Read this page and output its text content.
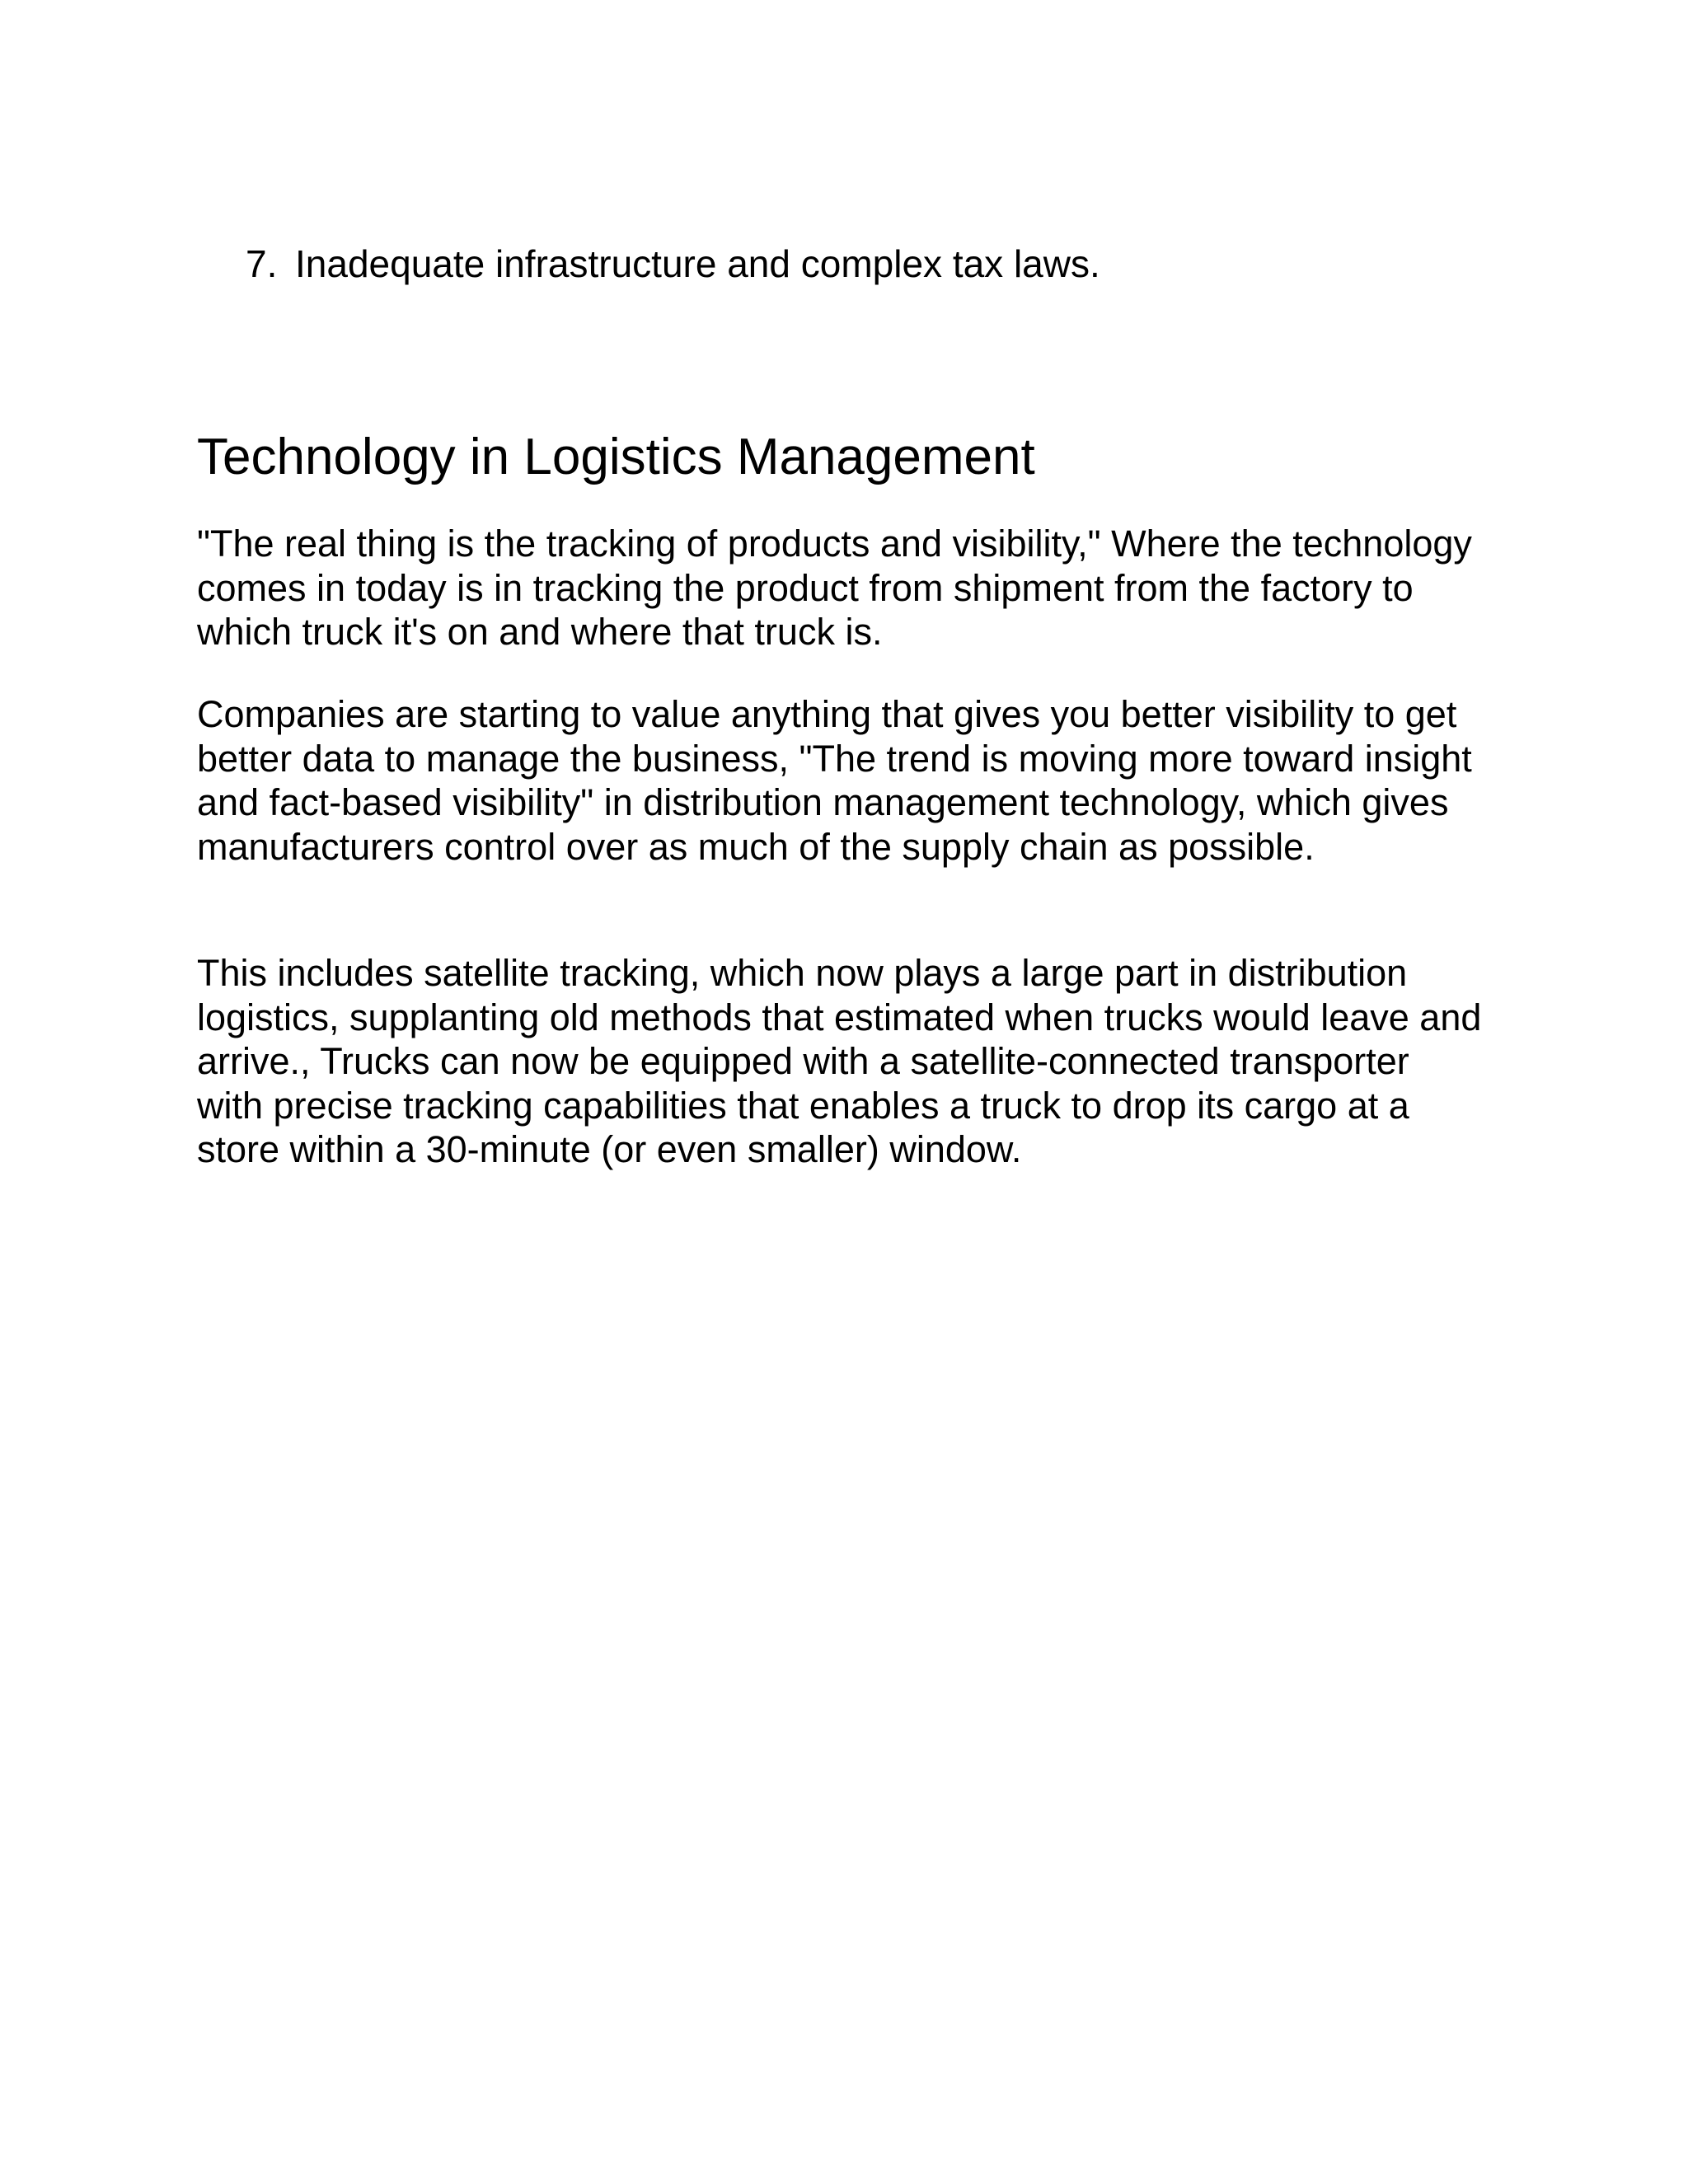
7. Inadequate infrastructure and complex tax laws.
Technology in Logistics Management

"The real thing is the tracking of products and visibility," Where the technology comes in today is in tracking the product from shipment from the factory to which truck it's on and where that truck is.

Companies are starting to value anything that gives you better visibility to get better data to manage the business, "The trend is moving more toward insight and fact-based visibility" in distribution management technology, which gives manufacturers control over as much of the supply chain as possible.

This includes satellite tracking, which now plays a large part in distribution logistics, supplanting old methods that estimated when trucks would leave and arrive., Trucks can now be equipped with a satellite-connected transporter with precise tracking capabilities that enables a truck to drop its cargo at a store within a 30-minute (or even smaller) window.
